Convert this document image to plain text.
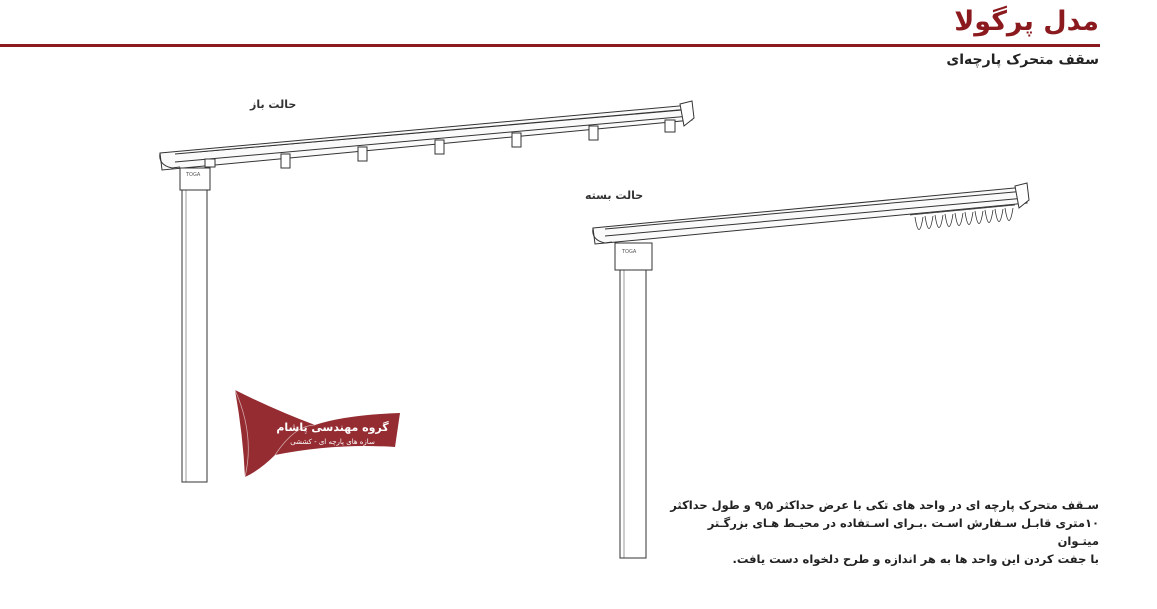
مدل پرگولا
سقف متحرک پارچه‌ای
حالت باز
حالت بسته
TOGA
TOGA
گروه مهندسی پاشام
سازه های پارچه ای - کششی
سـقف متحرک پارچه ای در واحد های تکی با عرض حداکثر ۹٫۵ و طول حداکثر
۱۰متری قابـل سـفارش اسـت .بـرای اسـتفاده در محیـط هـای بزرگـتر میتـوان
با جفت کردن این واحد ها به هر اندازه و طرح دلخواه دست یافت.
